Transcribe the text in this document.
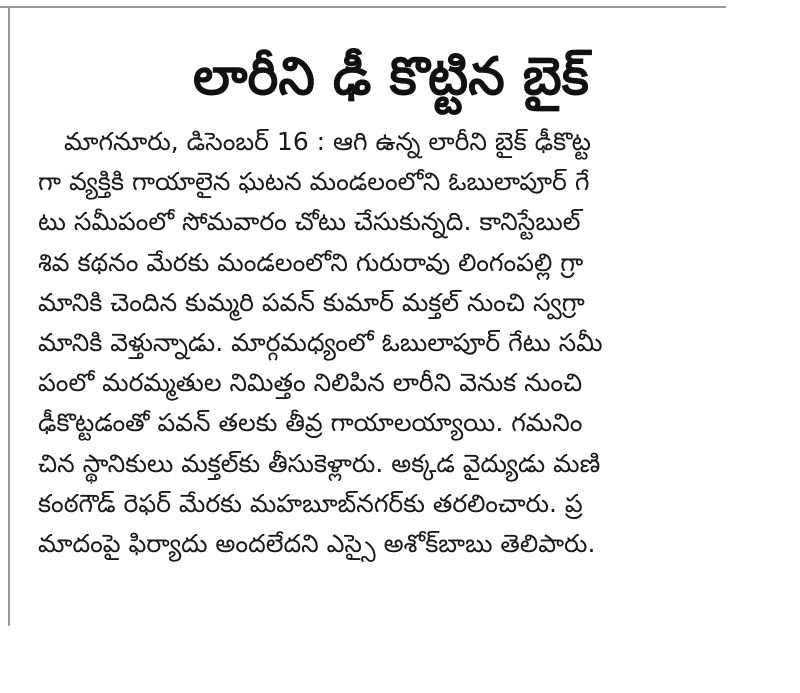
లారీని ఢీ కొట్టిన బైక్
మాగనూరు, డిసెంబర్ 16 : ఆగి ఉన్న లారీని బైక్ ఢీకొట్ట
గా వ్యక్తికి గాయాలైన ఘటన మండలంలోని ఓబులాపూర్ గే
టు సమీపంలో సోమవారం చోటు చేసుకున్నది. కానిస్టేబుల్
శివ కథనం మేరకు మండలంలోని గురురావు లింగంపల్లి గ్రా
మానికి చెందిన కుమ్మరి పవన్ కుమార్ మక్తల్ నుంచి స్వగ్రా
మానికి వెళ్తున్నాడు. మార్గమధ్యంలో ఓబులాపూర్ గేటు సమీ
పంలో మరమ్మతుల నిమిత్తం నిలిపిన లారీని వెనుక నుంచి
ఢీకొట్టడంతో పవన్ తలకు తీవ్ర గాయాలయ్యాయి. గమనిం
చిన స్థానికులు మక్తల్‌కు తీసుకెళ్లారు. అక్కడ వైద్యుడు మణి
కంఠగౌడ్ రెఫర్ మేరకు మహబూబ్‌నగర్‌కు తరలించారు. ప్ర
మాదంపై ఫిర్యాదు అందలేదని ఎస్సై అశోక్‌బాబు తెలిపారు.
